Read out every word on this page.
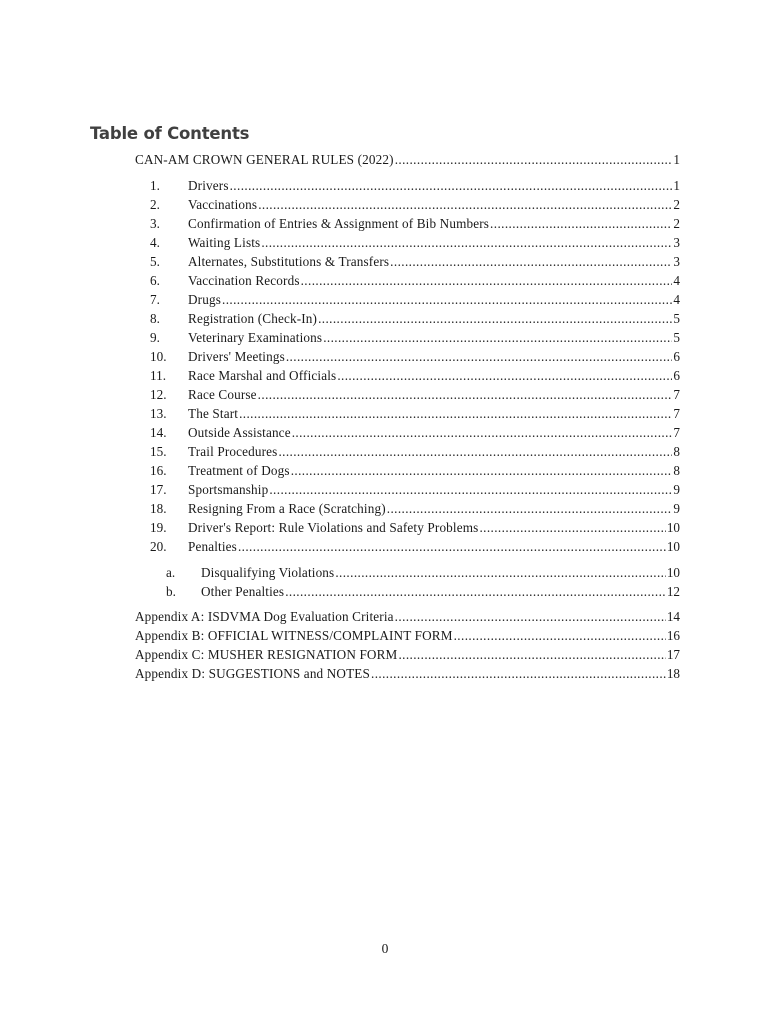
Table of Contents
CAN-AM CROWN GENERAL RULES (2022) .....	1
1.	Drivers .....	1
2.	Vaccinations .....	2
3.	Confirmation of Entries & Assignment of Bib Numbers .....	2
4.	Waiting Lists .....	3
5.	Alternates, Substitutions & Transfers .....	3
6.	Vaccination Records .....	4
7.	Drugs .....	4
8.	Registration (Check-In) .....	5
9.	Veterinary Examinations .....	5
10.	Drivers' Meetings .....	6
11.	Race Marshal and Officials .....	6
12.	Race Course .....	7
13.	The Start .....	7
14.	Outside Assistance .....	7
15.	Trail Procedures .....	8
16.	Treatment of Dogs .....	8
17.	Sportsmanship .....	9
18.	Resigning From a Race (Scratching) .....	9
19.	Driver's Report: Rule Violations and Safety Problems .....	10
20.	Penalties .....	10
a.	Disqualifying Violations .....	10
b.	Other Penalties .....	12
Appendix A: ISDVMA Dog Evaluation Criteria .....	14
Appendix B: OFFICIAL WITNESS/COMPLAINT FORM .....	16
Appendix C: MUSHER RESIGNATION FORM .....	17
Appendix D: SUGGESTIONS and NOTES .....	18
0
